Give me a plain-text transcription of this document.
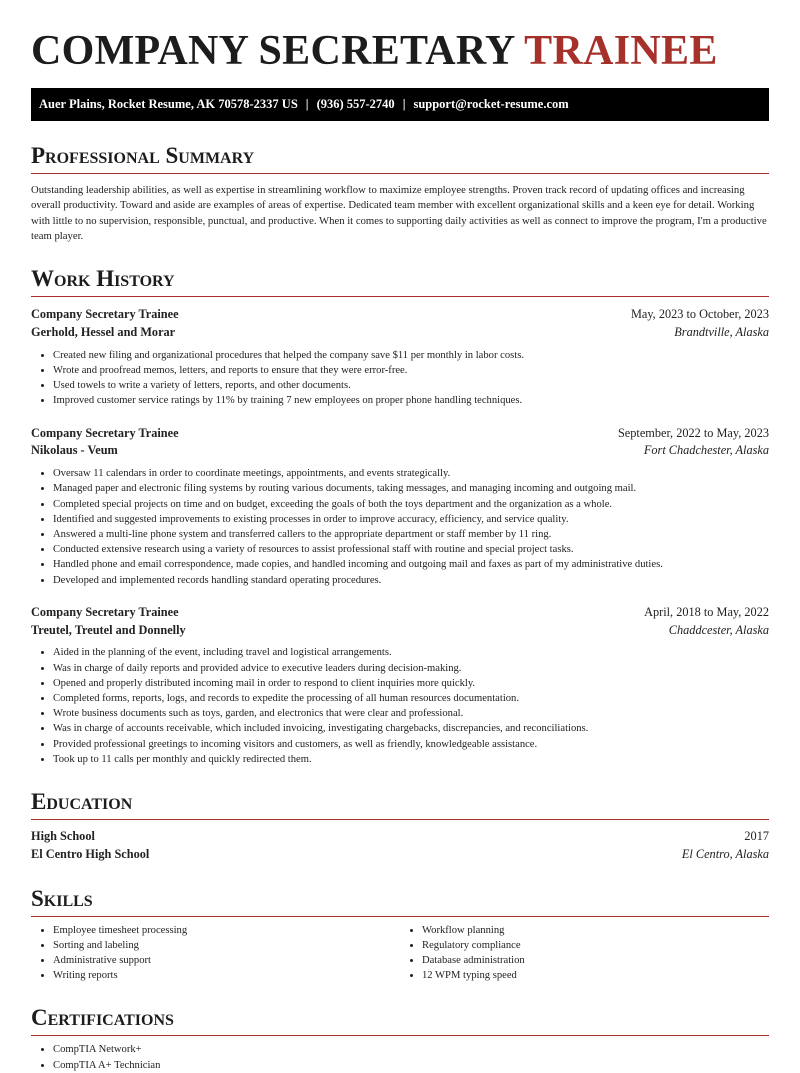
COMPANY SECRETARY TRAINEE
Auer Plains, Rocket Resume, AK 70578-2337 US | (936) 557-2740 | support@rocket-resume.com
Professional Summary

Outstanding leadership abilities, as well as expertise in streamlining workflow to maximize employee strengths. Proven track record of updating offices and increasing overall productivity. Toward and aside are examples of areas of expertise. Dedicated team member with excellent organizational skills and a keen eye for detail. Working with little to no supervision, responsible, punctual, and productive. When it comes to supporting daily activities as well as connect to improve the program, I'm a productive team player.

Work History
Company Secretary Trainee	May, 2023 to October, 2023
Gerhold, Hessel and Morar	Brandtville, Alaska
• Created new filing and organizational procedures that helped the company save $11 per monthly in labor costs.
• Wrote and proofread memos, letters, and reports to ensure that they were error-free.
• Used towels to write a variety of letters, reports, and other documents.
• Improved customer service ratings by 11% by training 7 new employees on proper phone handling techniques.
Company Secretary Trainee	September, 2022 to May, 2023
Nikolaus - Veum	Fort Chadchester, Alaska
• Oversaw 11 calendars in order to coordinate meetings, appointments, and events strategically.
• Managed paper and electronic filing systems by routing various documents, taking messages, and managing incoming and outgoing mail.
• Completed special projects on time and on budget, exceeding the goals of both the toys department and the organization as a whole.
• Identified and suggested improvements to existing processes in order to improve accuracy, efficiency, and service quality.
• Answered a multi-line phone system and transferred callers to the appropriate department or staff member by 11 ring.
• Conducted extensive research using a variety of resources to assist professional staff with routine and special project tasks.
• Handled phone and email correspondence, made copies, and handled incoming and outgoing mail and faxes as part of my administrative duties.
• Developed and implemented records handling standard operating procedures.
Company Secretary Trainee	April, 2018 to May, 2022
Treutel, Treutel and Donnelly	Chaddcester, Alaska
• Aided in the planning of the event, including travel and logistical arrangements.
• Was in charge of daily reports and provided advice to executive leaders during decision-making.
• Opened and properly distributed incoming mail in order to respond to client inquiries more quickly.
• Completed forms, reports, logs, and records to expedite the processing of all human resources documentation.
• Wrote business documents such as toys, garden, and electronics that were clear and professional.
• Was in charge of accounts receivable, which included invoicing, investigating chargebacks, discrepancies, and reconciliations.
• Provided professional greetings to incoming visitors and customers, as well as friendly, knowledgeable assistance.
• Took up to 11 calls per monthly and quickly redirected them.
Education
High School	2017
El Centro High School	El Centro, Alaska
Skills
• Employee timesheet processing
• Sorting and labeling
• Administrative support
• Writing reports
• Workflow planning
• Regulatory compliance
• Database administration
• 12 WPM typing speed
Certifications
• CompTIA Network+
• CompTIA A+ Technician
